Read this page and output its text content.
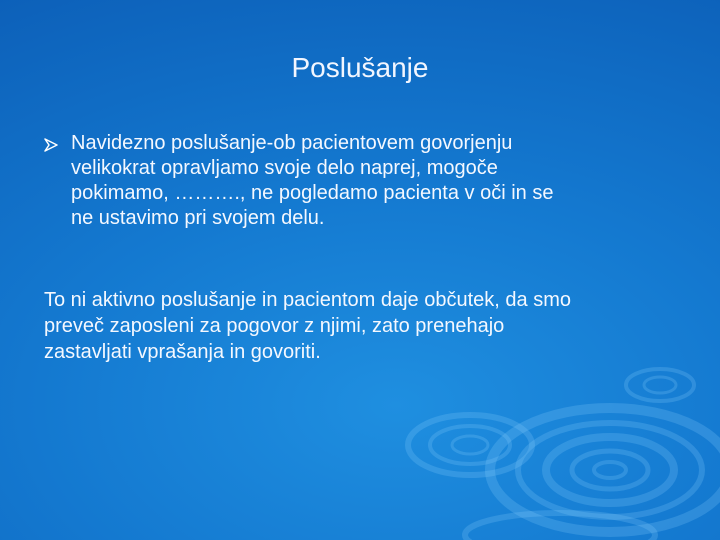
Poslušanje
Navidezno poslušanje-ob pacientovem govorjenju
velikokrat opravljamo svoje delo naprej, mogoče
pokimamo, ………., ne pogledamo pacienta v oči in se
ne ustavimo pri svojem delu.
To ni aktivno poslušanje in pacientom daje občutek, da smo
preveč zaposleni za pogovor z njimi, zato prenehajo
zastavljati vprašanja in govoriti.
